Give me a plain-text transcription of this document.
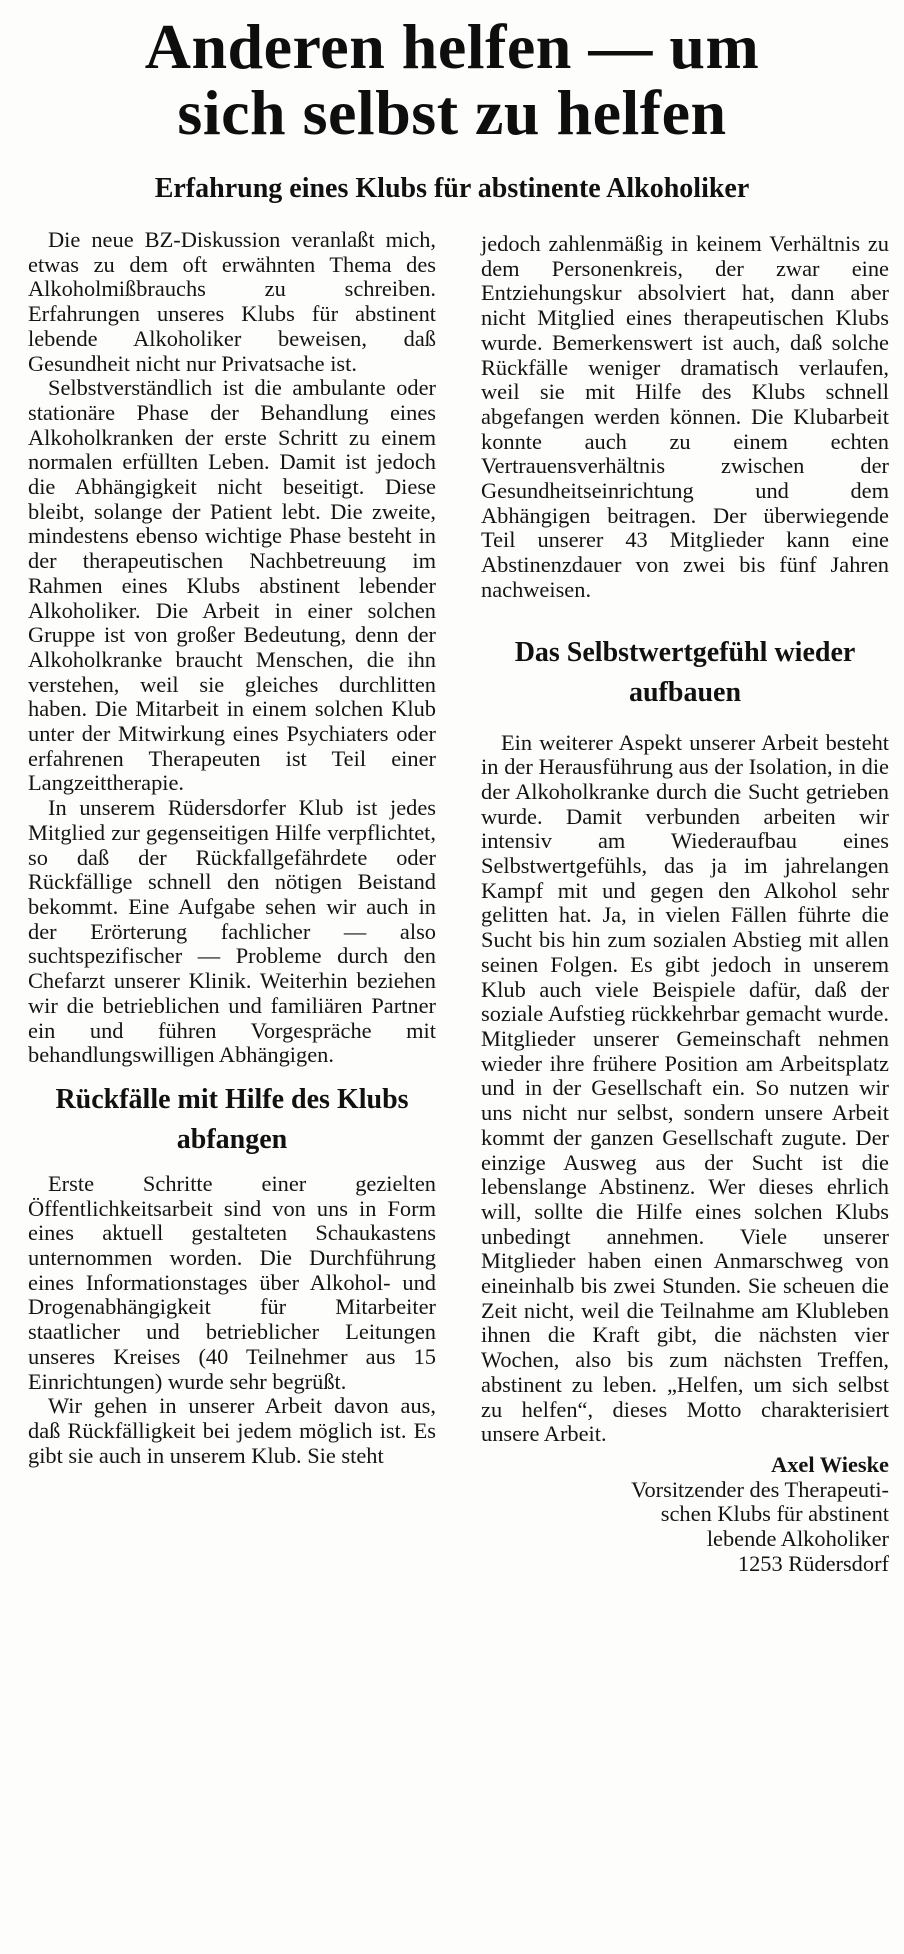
Anderen helfen — um
sich selbst zu helfen
Erfahrung eines Klubs für abstinente Alkoholiker

Die neue BZ-Diskussion veranlaßt mich, etwas zu dem oft erwähnten Thema des Alkoholmißbrauchs zu schreiben. Erfahrungen unseres Klubs für abstinent lebende Alkoholiker beweisen, daß Gesundheit nicht nur Privatsache ist.

Selbstverständlich ist die ambulante oder stationäre Phase der Behandlung eines Alkoholkranken der erste Schritt zu einem normalen erfüllten Leben. Damit ist jedoch die Abhängigkeit nicht beseitigt. Diese bleibt, solange der Patient lebt. Die zweite, mindestens ebenso wichtige Phase besteht in der therapeutischen Nachbetreuung im Rahmen eines Klubs abstinent lebender Alkoholiker. Die Arbeit in einer solchen Gruppe ist von großer Bedeutung, denn der Alkoholkranke braucht Menschen, die ihn verstehen, weil sie gleiches durchlitten haben. Die Mitarbeit in einem solchen Klub unter der Mitwirkung eines Psychiaters oder erfahrenen Therapeuten ist Teil einer Langzeittherapie.

In unserem Rüdersdorfer Klub ist jedes Mitglied zur gegenseitigen Hilfe verpflichtet, so daß der Rückfallgefährdete oder Rückfällige schnell den nötigen Beistand bekommt. Eine Aufgabe sehen wir auch in der Erörterung fachlicher — also suchtspezifischer — Probleme durch den Chefarzt unserer Klinik. Weiterhin beziehen wir die betrieblichen und familiären Partner ein und führen Vorgespräche mit behandlungswilligen Abhängigen.

Rückfälle mit Hilfe des Klubs abfangen

Erste Schritte einer gezielten Öffentlichkeitsarbeit sind von uns in Form eines aktuell gestalteten Schaukastens unternommen worden. Die Durchführung eines Informationstages über Alkohol- und Drogenabhängigkeit für Mitarbeiter staatlicher und betrieblicher Leitungen unseres Kreises (40 Teilnehmer aus 15 Einrichtungen) wurde sehr begrüßt.

Wir gehen in unserer Arbeit davon aus, daß Rückfälligkeit bei jedem möglich ist. Es gibt sie auch in unserem Klub. Sie steht

jedoch zahlenmäßig in keinem Verhältnis zu dem Personenkreis, der zwar eine Entziehungskur absolviert hat, dann aber nicht Mitglied eines therapeutischen Klubs wurde. Bemerkenswert ist auch, daß solche Rückfälle weniger dramatisch verlaufen, weil sie mit Hilfe des Klubs schnell abgefangen werden können. Die Klubarbeit konnte auch zu einem echten Vertrauensverhältnis zwischen der Gesundheitseinrichtung und dem Abhängigen beitragen. Der überwiegende Teil unserer 43 Mitglieder kann eine Abstinenzdauer von zwei bis fünf Jahren nachweisen.

Das Selbstwertgefühl wieder aufbauen

Ein weiterer Aspekt unserer Arbeit besteht in der Herausführung aus der Isolation, in die der Alkoholkranke durch die Sucht getrieben wurde. Damit verbunden arbeiten wir intensiv am Wiederaufbau eines Selbstwertgefühls, das ja im jahrelangen Kampf mit und gegen den Alkohol sehr gelitten hat. Ja, in vielen Fällen führte die Sucht bis hin zum sozialen Abstieg mit allen seinen Folgen. Es gibt jedoch in unserem Klub auch viele Beispiele dafür, daß der soziale Aufstieg rückkehrbar gemacht wurde. Mitglieder unserer Gemeinschaft nehmen wieder ihre frühere Position am Arbeitsplatz und in der Gesellschaft ein. So nutzen wir uns nicht nur selbst, sondern unsere Arbeit kommt der ganzen Gesellschaft zugute. Der einzige Ausweg aus der Sucht ist die lebenslange Abstinenz. Wer dieses ehrlich will, sollte die Hilfe eines solchen Klubs unbedingt annehmen. Viele unserer Mitglieder haben einen Anmarschweg von eineinhalb bis zwei Stunden. Sie scheuen die Zeit nicht, weil die Teilnahme am Klubleben ihnen die Kraft gibt, die nächsten vier Wochen, also bis zum nächsten Treffen, abstinent zu leben. „Helfen, um sich selbst zu helfen“, dieses Motto charakterisiert unsere Arbeit.

Axel Wieske

Vorsitzender des Therapeuti-

schen Klubs für abstinent

lebende Alkoholiker

1253 Rüdersdorf
